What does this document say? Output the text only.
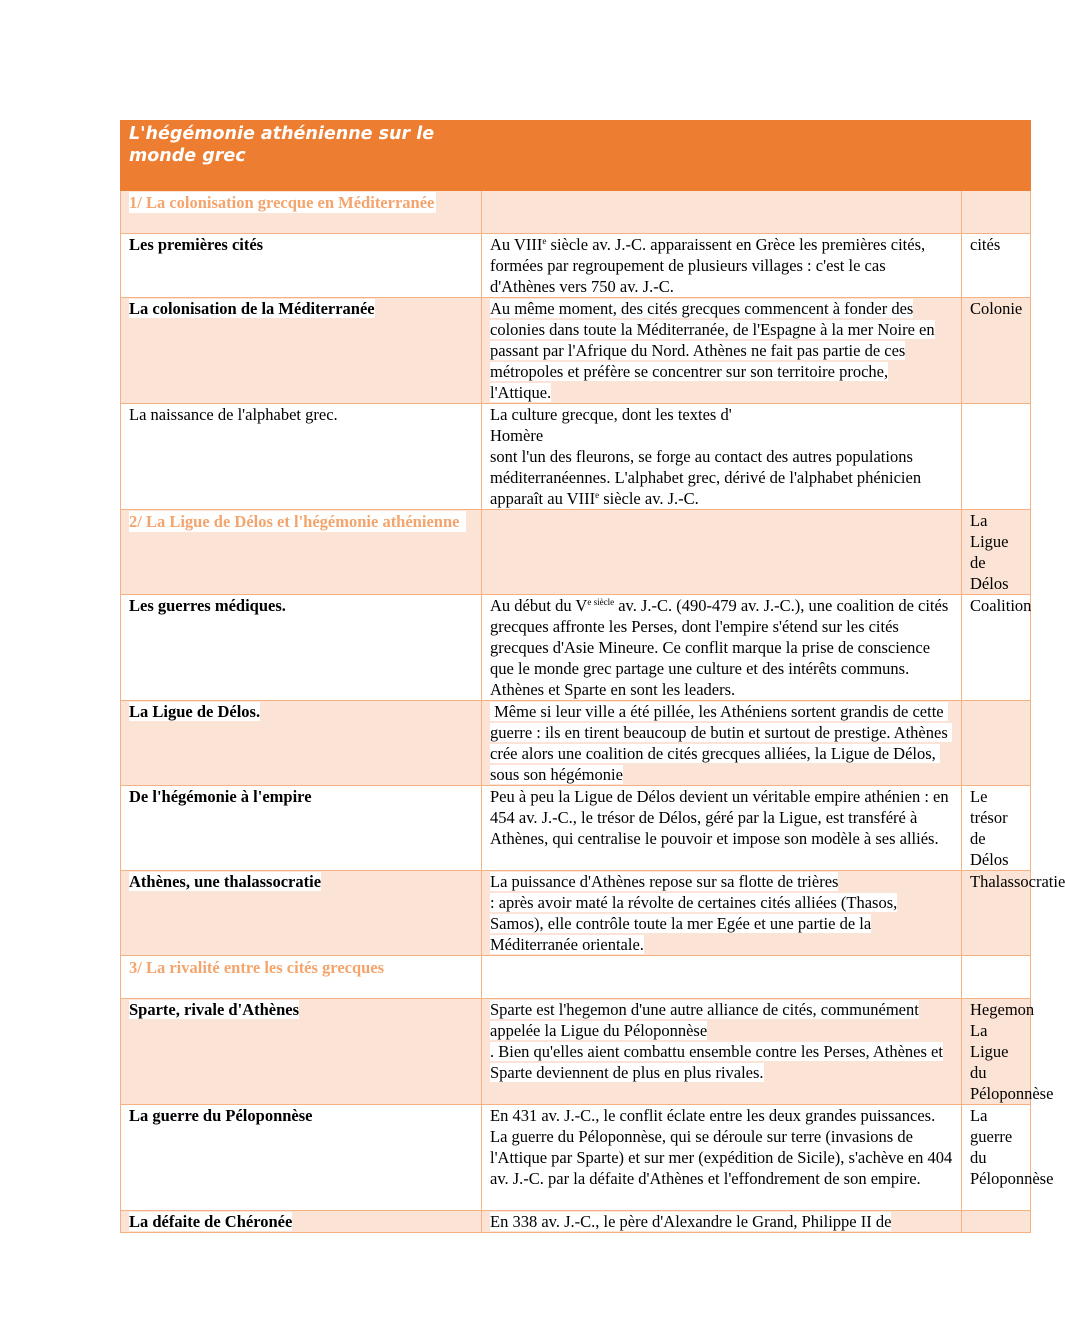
L'hégémonie athénienne sur le monde grec		

1/ La colonisation grecque en Méditerranée		
Les premières cités	Au VIIIe siècle av. J.-C. apparaissent en Grèce les premières cités, formées par regroupement de plusieurs villages : c'est le cas d'Athènes vers 750 av. J.-C.	cités
La colonisation de la Méditerranée	Au même moment, des cités grecques commencent à fonder des colonies dans toute la Méditerranée, de l'Espagne à la mer Noire en passant par l'Afrique du Nord. Athènes ne fait pas partie de ces métropoles et préfère se concentrer sur son territoire proche, l'Attique.	Colonie
La naissance de l'alphabet grec.	La culture grecque, dont les textes d'
Homère
sont l'un des fleurons, se forge au contact des autres populations méditerranéennes. L'alphabet grec, dérivé de l'alphabet phénicien apparaît au VIIIe siècle av. J.-C.	
2/ La Ligue de Délos et l'hégémonie athénienne		La Ligue de Délos
Les guerres médiques.	Au début du $V^{e siècle}$ av. J.-C. (490-479 av. J.-C.), une coalition de cités grecques affronte les Perses, dont l'empire s'étend sur les cités grecques d'Asie Mineure. Ce conflit marque la prise de conscience que le monde grec partage une culture et des intérêts communs. Athènes et Sparte en sont les leaders.	Coalition
La Ligue de Délos.	Même si leur ville a été pillée, les Athéniens sortent grandis de cette guerre : ils en tirent beaucoup de butin et surtout de prestige. Athènes crée alors une coalition de cités grecques alliées, la Ligue de Délos, sous son hégémonie	
De l'hégémonie à l'empire	Peu à peu la Ligue de Délos devient un véritable empire athénien : en 454 av. J.-C., le trésor de Délos, géré par la Ligue, est transféré à Athènes, qui centralise le pouvoir et impose son modèle à ses alliés.	Le trésor de Délos
Athènes, une thalassocratie	La puissance d'Athènes repose sur sa flotte de trières
: après avoir maté la révolte de certaines cités alliées (Thasos, Samos), elle contrôle toute la mer Egée et une partie de la Méditerranée orientale.	Thalassocratie
3/ La rivalité entre les cités grecques		
Sparte, rivale d'Athènes	Sparte est l'hegemon d'une autre alliance de cités, communément appelée la Ligue du Péloponnèse
. Bien qu'elles aient combattu ensemble contre les Perses, Athènes et Sparte deviennent de plus en plus rivales.	Hegemon La Ligue du Péloponnèse
La guerre du Péloponnèse	En 431 av. J.-C., le conflit éclate entre les deux grandes puissances. La guerre du Péloponnèse, qui se déroule sur terre (invasions de l'Attique par Sparte) et sur mer (expédition de Sicile), s'achève en 404 av. J.-C. par la défaite d'Athènes et l'effondrement de son empire.	La guerre du Péloponnèse
La défaite de Chéronée	En 338 av. J.-C., le père d'Alexandre le Grand, Philippe II de	
